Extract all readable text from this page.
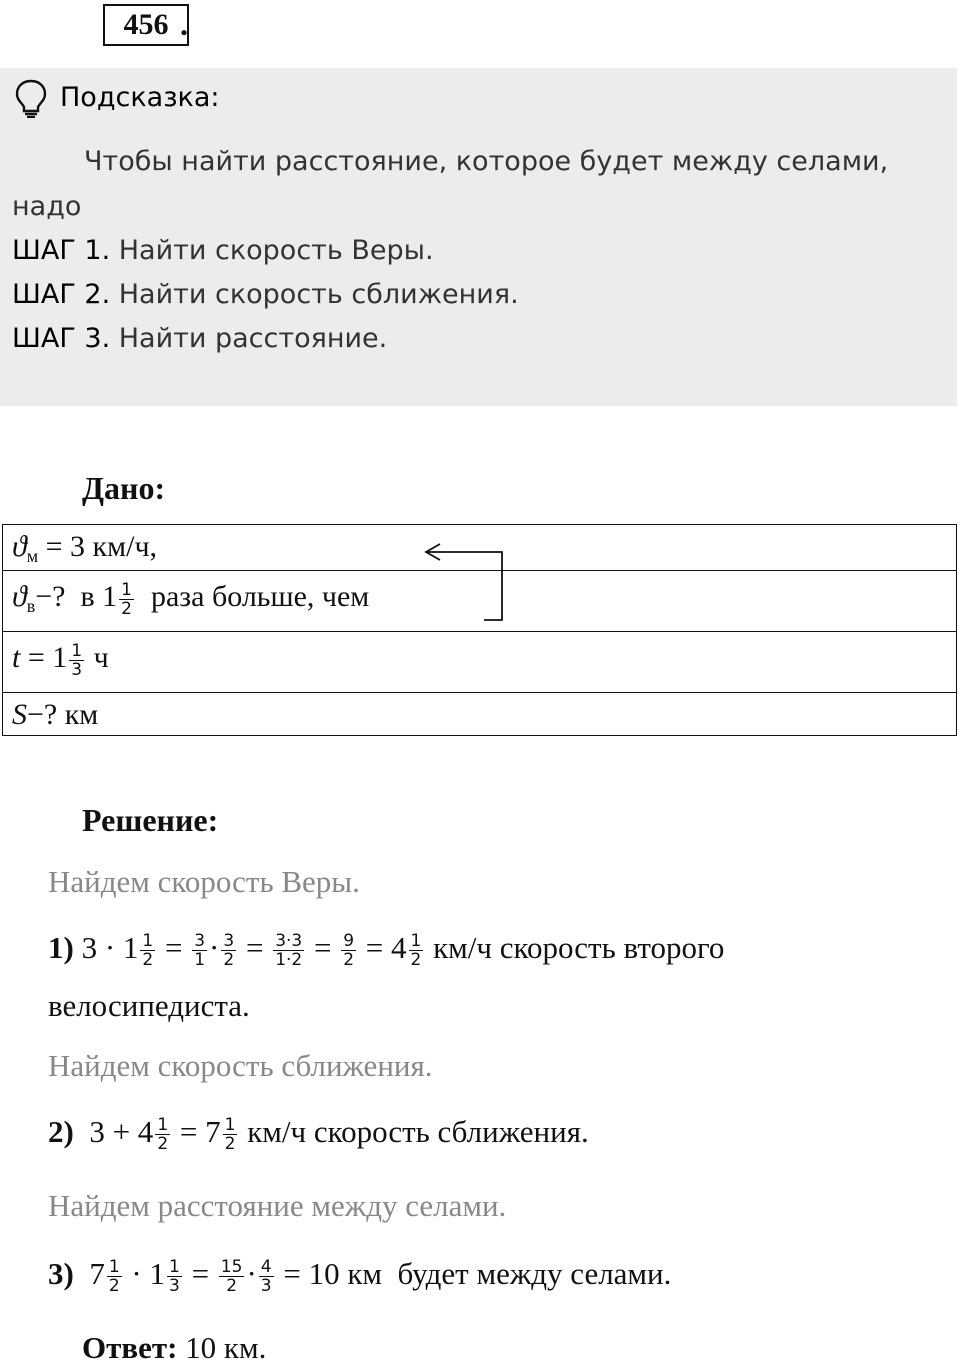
456 .
Подсказка:
Чтобы найти расстояние, которое будет между селами,
надо
ШАГ 1. Найти скорость Веры.
ШАГ 2. Найти скорость сближения.
ШАГ 3. Найти расстояние.
Дано:
$ϑ_м = 3$ км/ч,
$ϑ_в-$? в $1 \frac{1}{2}$ раза больше, чем
$t = 1 \frac{1}{3}$ ч
S−? км
Решение:
Найдем скорость Веры.
1) $3 \cdot 1 \frac{1}{2} = \frac{3}{1} \cdot \frac{3}{2} = \frac{3\cdot 3}{1\cdot 2} = \frac{9}{2} = 4 \frac{1}{2} км/ч$ скорость второго
велосипедиста.
Найдем скорость сближения.
2) $3 + 4 \frac{1}{2} = 7 \frac{1}{2} км/ч$ скорость сближения.
Найдем расстояние между селами.
3) $7 \frac{1}{2} \cdot 1 \frac{1}{3} = \frac{15}{2} \cdot \frac{4}{3} = 10$ км будет между селами.
Ответ: 10 км.
